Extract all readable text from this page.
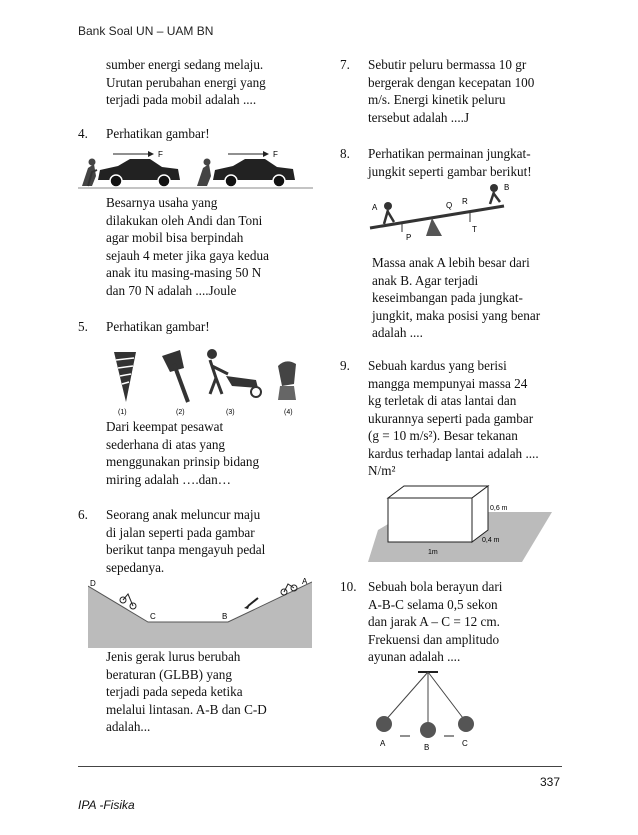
Bank Soal UN – UAM BN
sumber energi sedang melaju.
Urutan perubahan energi yang
terjadi pada mobil adalah ....
4. Perhatikan gambar!
F	F
Besarnya usaha yang
dilakukan oleh Andi dan Toni
agar mobil bisa berpindah
sejauh 4 meter jika gaya kedua
anak itu masing-masing 50 N
dan 70 N adalah ....Joule
5. Perhatikan gambar!
(1)	(2)	(3)	(4)
Dari keempat pesawat
sederhana di atas yang
menggunakan prinsip bidang
miring adalah ….dan…
6. Seorang anak meluncur maju
di jalan seperti pada gambar
berikut tanpa mengayuh pedal
sepedanya.
D
C	B
A
Jenis gerak lurus berubah
beraturan (GLBB) yang
terjadi pada sepeda ketika
melalui lintasan. A-B dan C-D
adalah...
7. Sebutir peluru bermassa 10 gr
bergerak dengan kecepatan 100
m/s. Energi kinetik peluru
tersebut adalah ....J
8. Perhatikan permainan jungkat-
jungkit seperti gambar berikut!
A
P
Q R
B
T
Massa anak A lebih besar dari
anak B. Agar terjadi
keseimbangan pada jungkat-
jungkit, maka posisi yang benar
adalah ....
9. Sebuah kardus yang berisi
mangga mempunyai massa 24
kg terletak di atas lantai dan
ukurannya seperti pada gambar
(g = 10 m/s²). Besar tekanan
kardus terhadap lantai adalah ....
N/m²
0,6 m
0,4 m
1m
10. Sebuah bola berayun dari
A-B-C selama 0,5 sekon
dan jarak A – C = 12 cm.
Frekuensi dan amplitudo
ayunan adalah ....
A	B	C
337
IPA -Fisika
